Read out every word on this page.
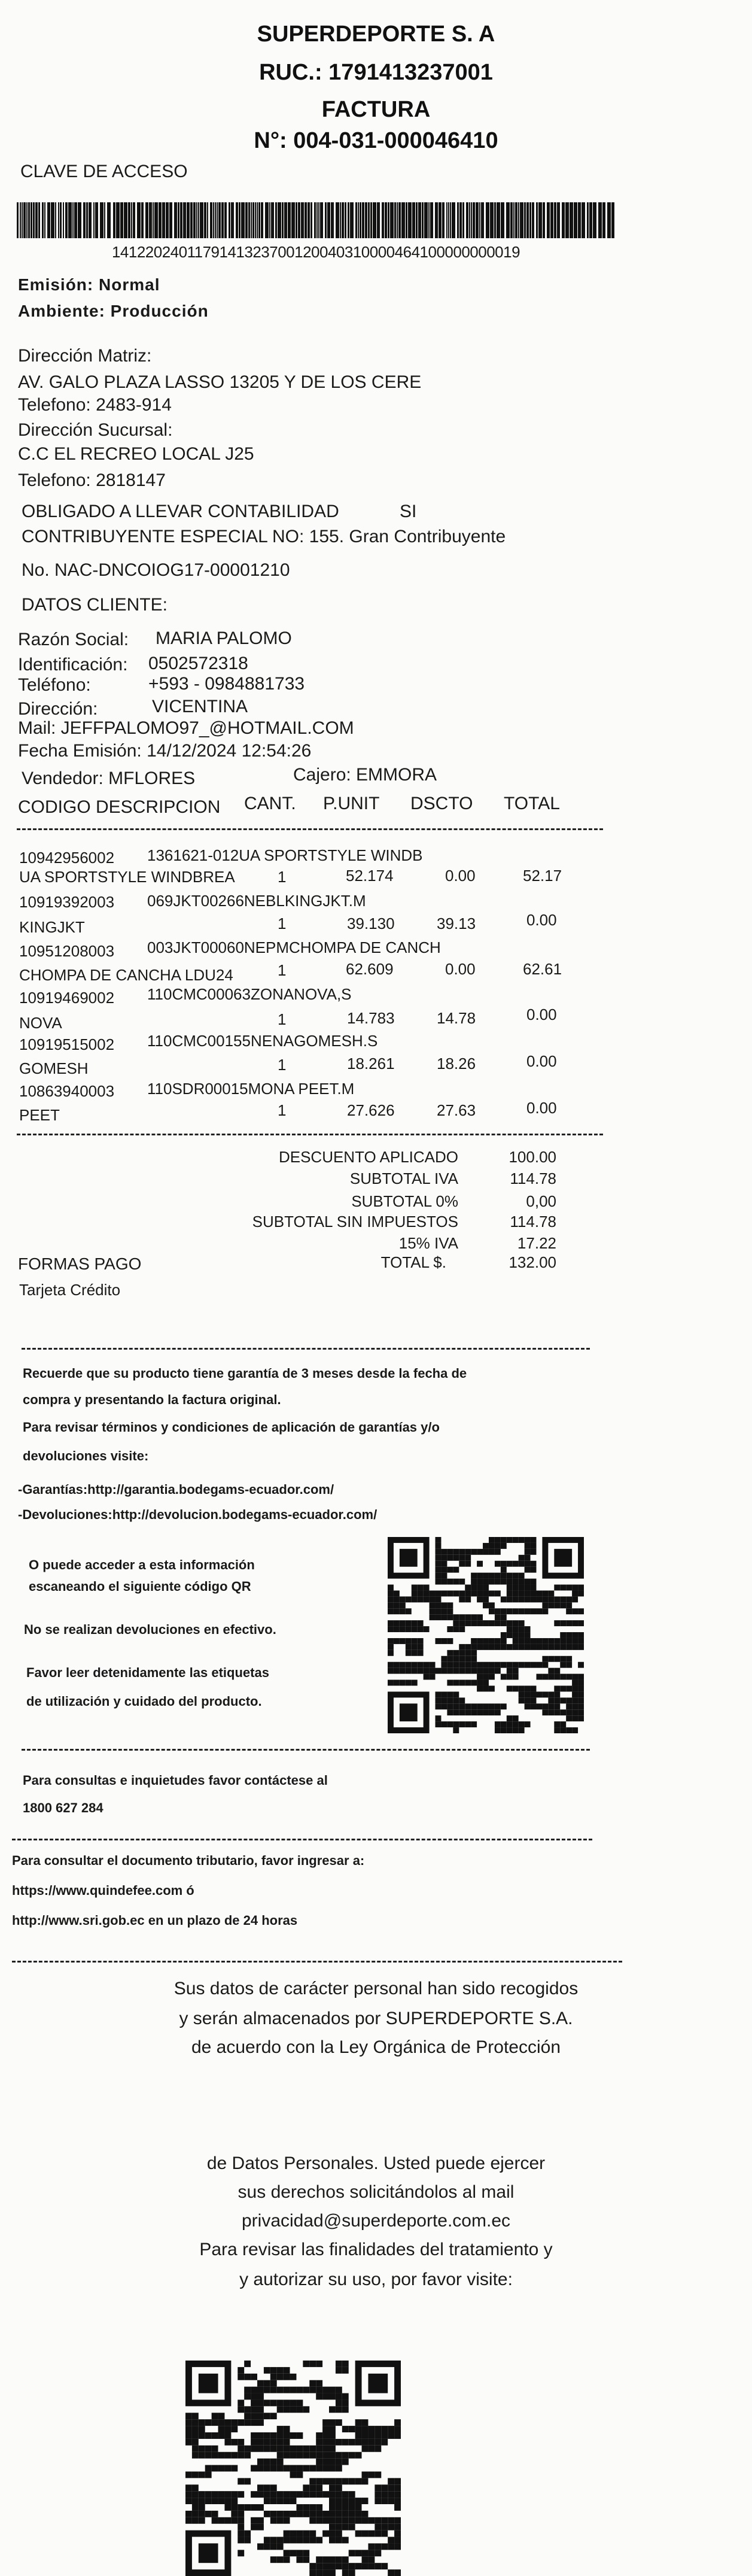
SUPERDEPORTE S. A
RUC.: 1791413237001
FACTURA
N°: 004-031-000046410
CLAVE DE ACCESO
1412202401179141323700120040310000464100000000019
Emisión: Normal
Ambiente: Producción
Dirección Matriz:
AV. GALO PLAZA LASSO 13205 Y DE LOS CERE
Telefono: 2483-914
Dirección Sucursal:
C.C EL RECREO LOCAL J25
Telefono: 2818147
OBLIGADO A LLEVAR CONTABILIDAD	SI
CONTRIBUYENTE ESPECIAL NO: 155. Gran Contribuyente
No. NAC-DNCOIOG17-00001210
DATOS CLIENTE:
Razón Social: MARIA PALOMO
Identificación: 0502572318
Teléfono:	+593 - 0984881733
Dirección:	VICENTINA
Mail: JEFFPALOMO97_@HOTMAIL.COM
Fecha Emisión: 14/12/2024 12:54:26
Vendedor: MFLORES	Cajero: EMMORA
CODIGO DESCRIPCION CANT. P.UNIT DSCTO TOTAL
10942956002 1361621-012UA SPORTSTYLE WINDB
UA SPORTSTYLE WINDBREA	1	52.174	0.00	52.17
10919392003 069JKT00266NEBLKINGJKT.M
KINGJKT	1	39.130	39.13	0.00
10951208003 003JKT00060NEPMCHOMPA DE CANCH
CHOMPA DE CANCHA LDU24	1	62.609	0.00	62.61
10919469002 110CMC00063ZONANOVA,S
NOVA	1	14.783	14.78	0.00
10919515002 110CMC00155NENAGOMESH.S
GOMESH	1	18.261	18.26	0.00
10863940003 110SDR00015MONA PEET.M
PEET	1	27.626	27.63	0.00
DESCUENTO APLICADO	100.00
SUBTOTAL IVA	114.78
SUBTOTAL 0%	0,00
SUBTOTAL SIN IMPUESTOS	114.78
15% IVA	17.22
TOTAL $.	132.00
FORMAS PAGO
Tarjeta Crédito
Recuerde que su producto tiene garantía de 3 meses desde la fecha de
compra y presentando la factura original.
Para revisar términos y condiciones de aplicación de garantías y/o
devoluciones visite:
-Garantías:http://garantia.bodegams-ecuador.com/
-Devoluciones:http://devolucion.bodegams-ecuador.com/
O puede acceder a esta información
escaneando el siguiente código QR
No se realizan devoluciones en efectivo.
Favor leer detenidamente las etiquetas
de utilización y cuidado del producto.
Para consultas e inquietudes favor contáctese al
1800 627 284
Para consultar el documento tributario, favor ingresar a:
https://www.quindefee.com ó
http://www.sri.gob.ec en un plazo de 24 horas
Sus datos de carácter personal han sido recogidos
y serán almacenados por SUPERDEPORTE S.A.
de acuerdo con la Ley Orgánica de Protección
de Datos Personales. Usted puede ejercer
sus derechos solicitándolos al mail
privacidad@superdeporte.com.ec
Para revisar las finalidades del tratamiento y
y autorizar su uso, por favor visite:
